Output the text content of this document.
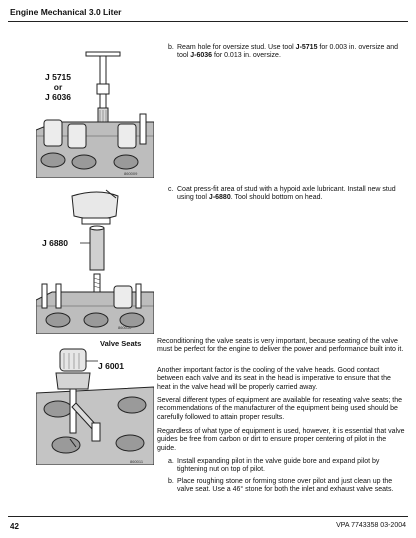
Engine Mechanical 3.0 Liter
J 5715
or
J 6036
860009
J 6880
860010
J 6001
860011
b. Ream hole for oversize stud. Use tool J-5715 for 0.003 in. oversize and tool J-6036 for 0.013 in. oversize.
c. Coat press-fit area of stud with a hypoid axle lubricant. Install new stud using tool J-6880. Tool should bottom on head.
Valve Seats Reconditioning the valve seats is very important, because seating of the valve must be perfect for the engine to deliver the power and performance built into it.
Another important factor is the cooling of the valve heads. Good contact between each valve and its seat in the head is imperative to ensure that the heat in the valve head will be properly carried away.
Several different types of equipment are available for reseating valve seats; the recommendations of the manufacturer of the equipment being used should be carefully followed to attain proper results.
Regardless of what type of equipment is used, however, it is essential that valve guides be free from carbon or dirt to ensure proper centering of pilot in the guide.
a. Install expanding pilot in the valve guide bore and expand pilot by tightening nut on top of pilot.
b. Place roughing stone or forming stone over pilot and just clean up the valve seat. Use a 46° stone for both the inlet and exhaust valve seats.
42	VPA 7743358 03-2004
